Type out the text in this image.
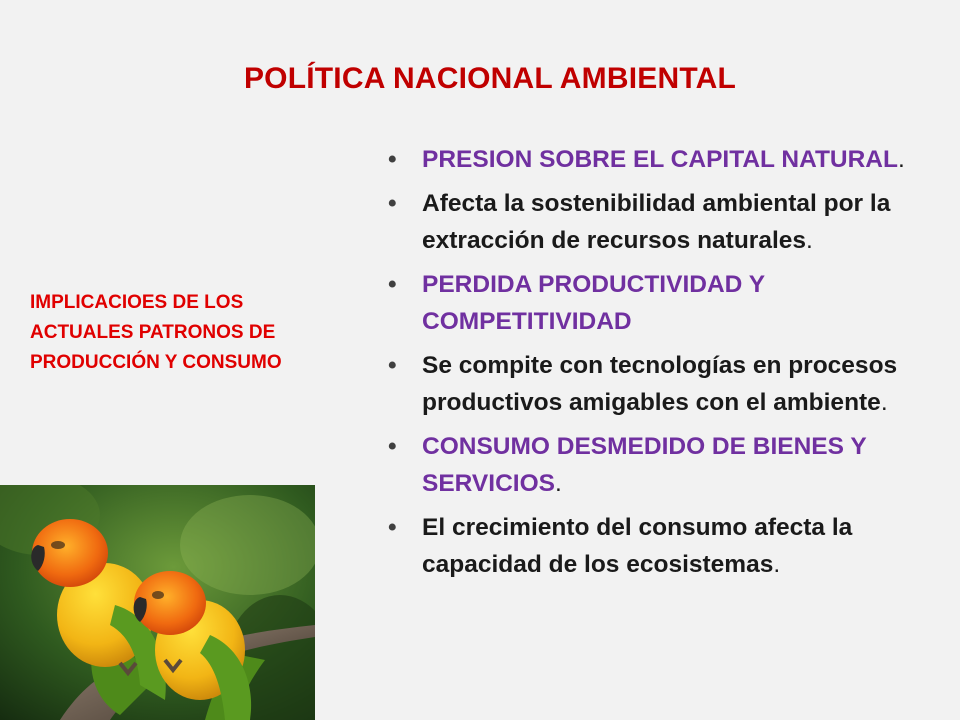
POLÍTICA NACIONAL AMBIENTAL
IMPLICACIOES DE LOS ACTUALES PATRONOS DE PRODUCCIÓN Y CONSUMO
• PRESION SOBRE EL CAPITAL NATURAL.
• Afecta la sostenibilidad ambiental por la extracción de recursos naturales.
• PERDIDA PRODUCTIVIDAD Y COMPETITIVIDAD
• Se compite con tecnologías en procesos productivos amigables con el ambiente.
• CONSUMO DESMEDIDO DE BIENES Y SERVICIOS.
• El crecimiento del consumo afecta la capacidad de los ecosistemas.
